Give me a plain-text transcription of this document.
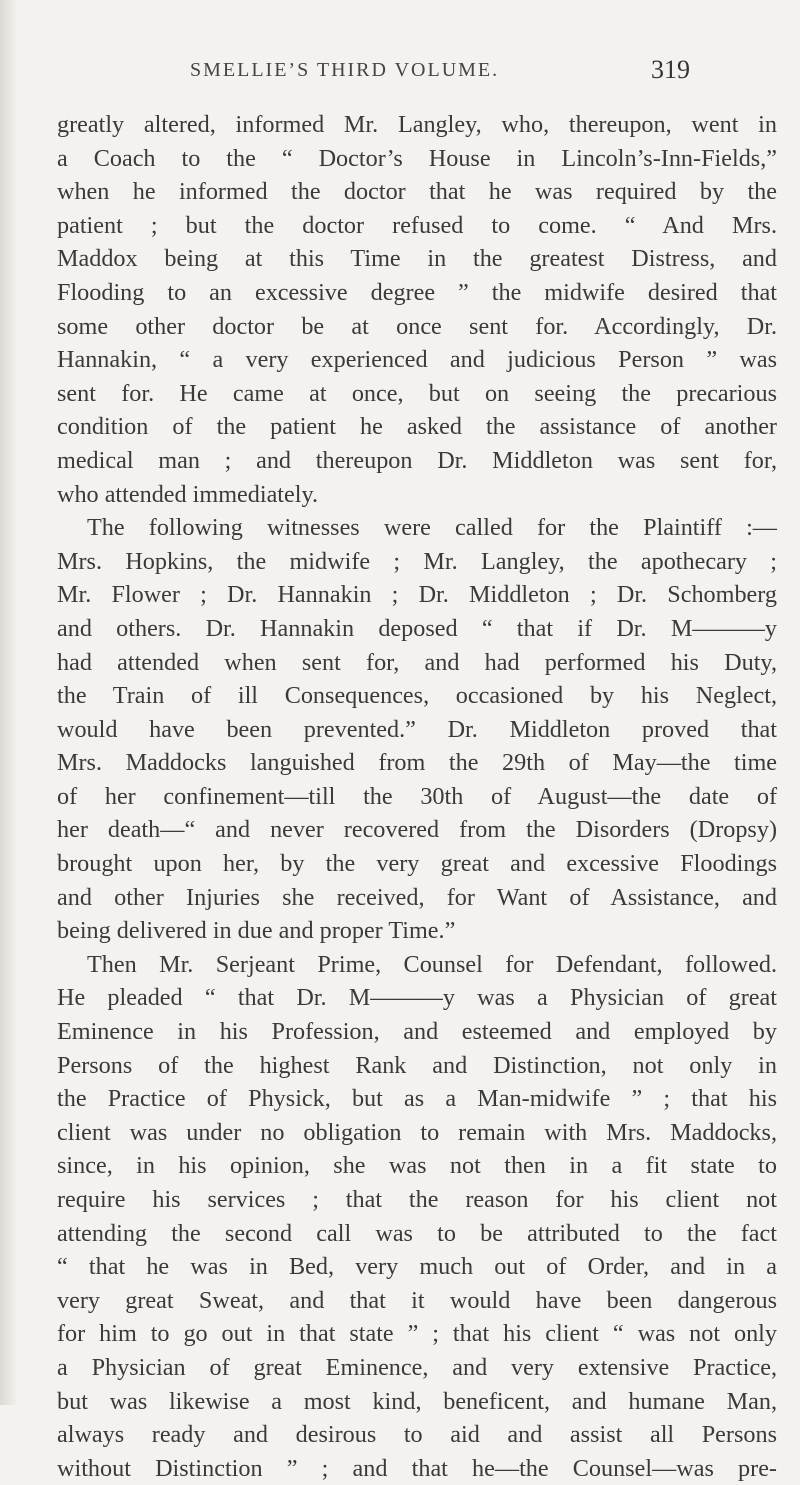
SMELLIE’S THIRD VOLUME.	319
greatly altered, informed Mr. Langley, who, thereupon, went in
a Coach to the “ Doctor’s House in Lincoln’s-Inn-Fields,”
when he informed the doctor that he was required by the
patient ; but the doctor refused to come. “ And Mrs.
Maddox being at this Time in the greatest Distress, and
Flooding to an excessive degree ” the midwife desired that
some other doctor be at once sent for. Accordingly, Dr.
Hannakin, “ a very experienced and judicious Person ” was
sent for. He came at once, but on seeing the precarious
condition of the patient he asked the assistance of another
medical man ; and thereupon Dr. Middleton was sent for,
who attended immediately.
The following witnesses were called for the Plaintiff :—
Mrs. Hopkins, the midwife ; Mr. Langley, the apothecary ;
Mr. Flower ; Dr. Hannakin ; Dr. Middleton ; Dr. Schomberg
and others. Dr. Hannakin deposed “ that if Dr. M———y
had attended when sent for, and had performed his Duty,
the Train of ill Consequences, occasioned by his Neglect,
would have been prevented.” Dr. Middleton proved that
Mrs. Maddocks languished from the 29th of May—the time
of her confinement—till the 30th of August—the date of
her death—“ and never recovered from the Disorders (Dropsy)
brought upon her, by the very great and excessive Floodings
and other Injuries she received, for Want of Assistance, and
being delivered in due and proper Time.”
Then Mr. Serjeant Prime, Counsel for Defendant, followed.
He pleaded “ that Dr. M———y was a Physician of great
Eminence in his Profession, and esteemed and employed by
Persons of the highest Rank and Distinction, not only in
the Practice of Physick, but as a Man-midwife ” ; that his
client was under no obligation to remain with Mrs. Maddocks,
since, in his opinion, she was not then in a fit state to
require his services ; that the reason for his client not
attending the second call was to be attributed to the fact
“ that he was in Bed, very much out of Order, and in a
very great Sweat, and that it would have been dangerous
for him to go out in that state ” ; that his client “ was not only
a Physician of great Eminence, and very extensive Practice,
but was likewise a most kind, beneficent, and humane Man,
always ready and desirous to aid and assist all Persons
without Distinction ” ; and that he—the Counsel—was pre-
